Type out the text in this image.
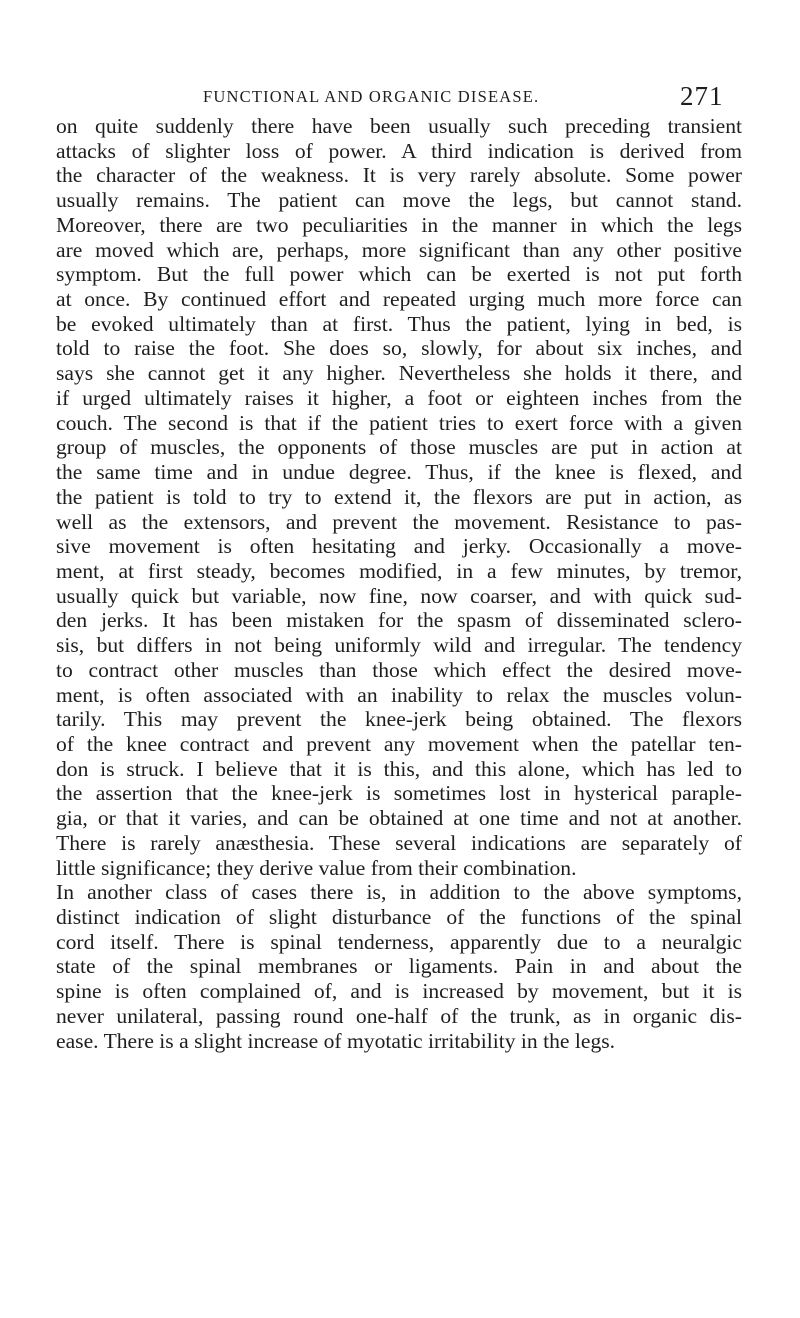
FUNCTIONAL AND ORGANIC DISEASE.	271
on quite suddenly there have been usually such preceding transient
attacks of slighter loss of power. A third indication is derived from
the character of the weakness. It is very rarely absolute. Some power
usually remains. The patient can move the legs, but cannot stand.
Moreover, there are two peculiarities in the manner in which the legs
are moved which are, perhaps, more significant than any other positive
symptom. But the full power which can be exerted is not put forth
at once. By continued effort and repeated urging much more force can
be evoked ultimately than at first. Thus the patient, lying in bed, is
told to raise the foot. She does so, slowly, for about six inches, and
says she cannot get it any higher. Nevertheless she holds it there, and
if urged ultimately raises it higher, a foot or eighteen inches from the
couch. The second is that if the patient tries to exert force with a given
group of muscles, the opponents of those muscles are put in action at
the same time and in undue degree. Thus, if the knee is flexed, and
the patient is told to try to extend it, the flexors are put in action, as
well as the extensors, and prevent the movement. Resistance to pas-
sive movement is often hesitating and jerky. Occasionally a move-
ment, at first steady, becomes modified, in a few minutes, by tremor,
usually quick but variable, now fine, now coarser, and with quick sud-
den jerks. It has been mistaken for the spasm of disseminated sclero-
sis, but differs in not being uniformly wild and irregular. The tendency
to contract other muscles than those which effect the desired move-
ment, is often associated with an inability to relax the muscles volun-
tarily. This may prevent the knee-jerk being obtained. The flexors
of the knee contract and prevent any movement when the patellar ten-
don is struck. I believe that it is this, and this alone, which has led to
the assertion that the knee-jerk is sometimes lost in hysterical paraple-
gia, or that it varies, and can be obtained at one time and not at another.
There is rarely anæsthesia. These several indications are separately of
little significance; they derive value from their combination.
In another class of cases there is, in addition to the above symptoms,
distinct indication of slight disturbance of the functions of the spinal
cord itself. There is spinal tenderness, apparently due to a neuralgic
state of the spinal membranes or ligaments. Pain in and about the
spine is often complained of, and is increased by movement, but it is
never unilateral, passing round one-half of the trunk, as in organic dis-
ease. There is a slight increase of myotatic irritability in the legs.
